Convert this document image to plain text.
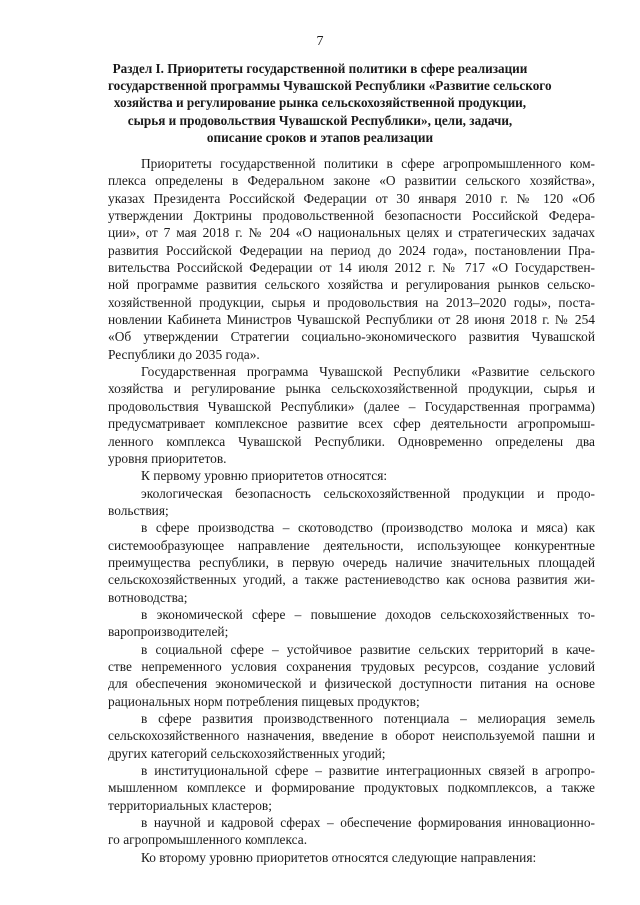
7
Раздел I. Приоритеты государственной политики в сфере реализации
государственной программы Чувашской Республики «Развитие сельского
хозяйства и регулирование рынка сельскохозяйственной продукции,
сырья и продовольствия Чувашской Республики», цели, задачи,
описание сроков и этапов реализации
Приоритеты государственной политики в сфере агропромышленного ком-
плекса определены в Федеральном законе «О развитии сельского хозяйства»,
указах Президента Российской Федерации от 30 января 2010 г. № 120 «Об
утверждении Доктрины продовольственной безопасности Российской Федера-
ции», от 7 мая 2018 г. № 204 «О национальных целях и стратегических задачах
развития Российской Федерации на период до 2024 года», постановлении Пра-
вительства Российской Федерации от 14 июля 2012 г. № 717 «О Государствен-
ной программе развития сельского хозяйства и регулирования рынков сельско-
хозяйственной продукции, сырья и продовольствия на 2013–2020 годы», поста-
новлении Кабинета Министров Чувашской Республики от 28 июня 2018 г. № 254
«Об утверждении Стратегии социально-экономического развития Чувашской
Республики до 2035 года».
Государственная программа Чувашской Республики «Развитие сельского
хозяйства и регулирование рынка сельскохозяйственной продукции, сырья и
продовольствия Чувашской Республики» (далее – Государственная программа)
предусматривает комплексное развитие всех сфер деятельности агропромыш-
ленного комплекса Чувашской Республики. Одновременно определены два
уровня приоритетов.
К первому уровню приоритетов относятся:
экологическая безопасность сельскохозяйственной продукции и продо-
вольствия;
в сфере производства – скотоводство (производство молока и мяса) как
системообразующее направление деятельности, использующее конкурентные
преимущества республики, в первую очередь наличие значительных площадей
сельскохозяйственных угодий, а также растениеводство как основа развития жи-
вотноводства;
в экономической сфере – повышение доходов сельскохозяйственных то-
варопроизводителей;
в социальной сфере – устойчивое развитие сельских территорий в каче-
стве непременного условия сохранения трудовых ресурсов, создание условий
для обеспечения экономической и физической доступности питания на основе
рациональных норм потребления пищевых продуктов;
в сфере развития производственного потенциала – мелиорация земель
сельскохозяйственного назначения, введение в оборот неиспользуемой пашни и
других категорий сельскохозяйственных угодий;
в институциональной сфере – развитие интеграционных связей в агропро-
мышленном комплексе и формирование продуктовых подкомплексов, а также
территориальных кластеров;
в научной и кадровой сферах – обеспечение формирования инновационно-
го агропромышленного комплекса.
Ко второму уровню приоритетов относятся следующие направления:
